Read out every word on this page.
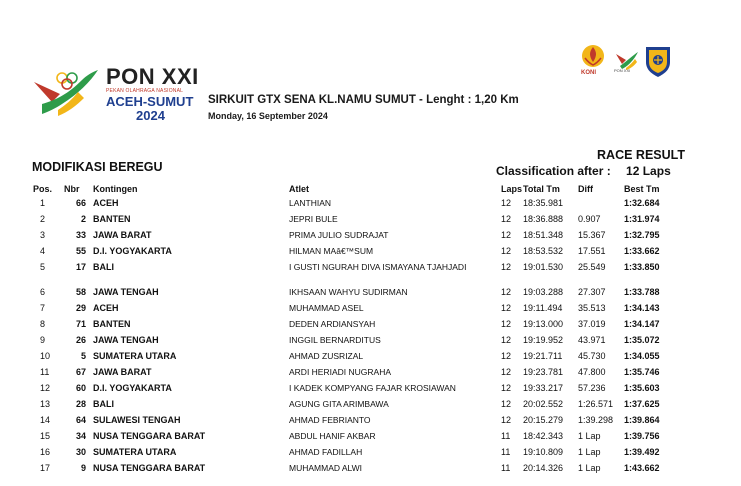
PON XXI
PEKAN OLAHRAGA NASIONAL
ACEH-SUMUT
2024
SIRKUIT GTX SENA KL.NAMU SUMUT - Lenght : 1,20 Km
Monday, 16 September 2024
KONI	PON XXI
MODIFIKASI BEREGU
RACE RESULT
Classification after : 12 Laps
Pos. Nbr Kontingen	Atlet	Laps Total Tm Diff	Best Tm
1	66 ACEH	LANTHIAN	12 18:35.981	1:32.684
2	2 BANTEN	JEPRI BULE	12 18:36.888 0.907	1:31.974
3	33 JAWA BARAT	PRIMA JULIO SUDRAJAT	12 18:51.348 15.367 1:32.795
4	55 D.I. YOGYAKARTA	HILMAN MAâ€™SUM	12 18:53.532 17.551 1:33.662
5	17 BALI	I GUSTI NGURAH DIVA ISMAYANA TJAHJADI	12 19:01.530 25.549 1:33.850
6	58 JAWA TENGAH	IKHSAAN WAHYU SUDIRMAN	12 19:03.288 27.307 1:33.788
7	29 ACEH	MUHAMMAD ASEL	12 19:11.494 35.513 1:34.143
8	71 BANTEN	DEDEN ARDIANSYAH	12 19:13.000 37.019 1:34.147
9	26 JAWA TENGAH	INGGIL BERNARDITUS	12 19:19.952 43.971 1:35.072
10	5 SUMATERA UTARA	AHMAD ZUSRIZAL	12 19:21.711 45.730 1:34.055
11	67 JAWA BARAT	ARDI HERIADI NUGRAHA	12 19:23.781 47.800 1:35.746
12	60 D.I. YOGYAKARTA	I KADEK KOMPYANG FAJAR KROSIAWAN	12 19:33.217 57.236 1:35.603
13	28 BALI	AGUNG GITA ARIMBAWA	12 20:02.552 1:26.571 1:37.625
14	64 SULAWESI TENGAH	AHMAD FEBRIANTO	12 20:15.279 1:39.298 1:39.864
15	34 NUSA TENGGARA BARAT	ABDUL HANIF AKBAR	11 18:42.343 1 Lap	1:39.756
16	30 SUMATERA UTARA	AHMAD FADILLAH	11 19:10.809 1 Lap	1:39.492
17	9 NUSA TENGGARA BARAT	MUHAMMAD ALWI	11 20:14.326 1 Lap	1:43.662
